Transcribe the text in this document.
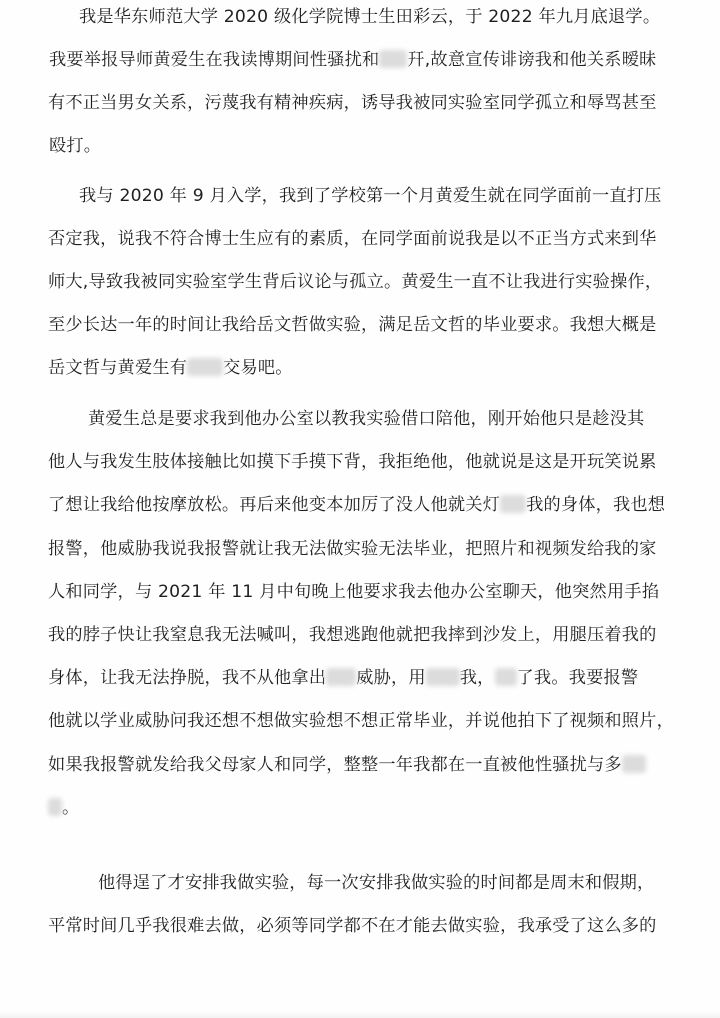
我是华东师范大学 2020 级化学院博士生田彩云，于 2022 年九月底退学。
我要举报导师黄爱生在我读博期间性骚扰和 幵,故意宣传诽谤我和他关系暧昧
有不正当男女关系，污蔑我有精神疾病，诱导我被同实验室同学孤立和辱骂甚至
殴打。
我与 2020 年 9 月入学，我到了学校第一个月黄爱生就在同学面前一直打压
否定我，说我不符合博士生应有的素质，在同学面前说我是以不正当方式来到华
师大,导致我被同实验室学生背后议论与孤立。黄爱生一直不让我进行实验操作，
至少长达一年的时间让我给岳文哲做实验，满足岳文哲的毕业要求。我想大概是
岳文哲与黄爱生有 交易吧。
黄爱生总是要求我到他办公室以教我实验借口陪他，刚开始他只是趁没其
他人与我发生肢体接触比如摸下手摸下背，我拒绝他，他就说是这是开玩笑说累
了想让我给他按摩放松。再后来他变本加厉了没人他就关灯 我的身体，我也想
报警，他威胁我说我报警就让我无法做实验无法毕业，把照片和视频发给我的家
人和同学，与 2021 年 11 月中旬晚上他要求我去他办公室聊天，他突然用手掐
我的脖子快让我窒息我无法喊叫，我想逃跑他就把我摔到沙发上，用腿压着我的
身体，让我无法挣脱，我不从他拿出 威胁，用 我， 了我。我要报警
他就以学业威胁问我还想不想做实验想不想正常毕业，并说他拍下了视频和照片，
如果我报警就发给我父母家人和同学，整整一年我都在一直被他性骚扰与多
。
他得逞了才安排我做实验，每一次安排我做实验的时间都是周末和假期，
平常时间几乎我很难去做，必须等同学都不在才能去做实验，我承受了这么多的
